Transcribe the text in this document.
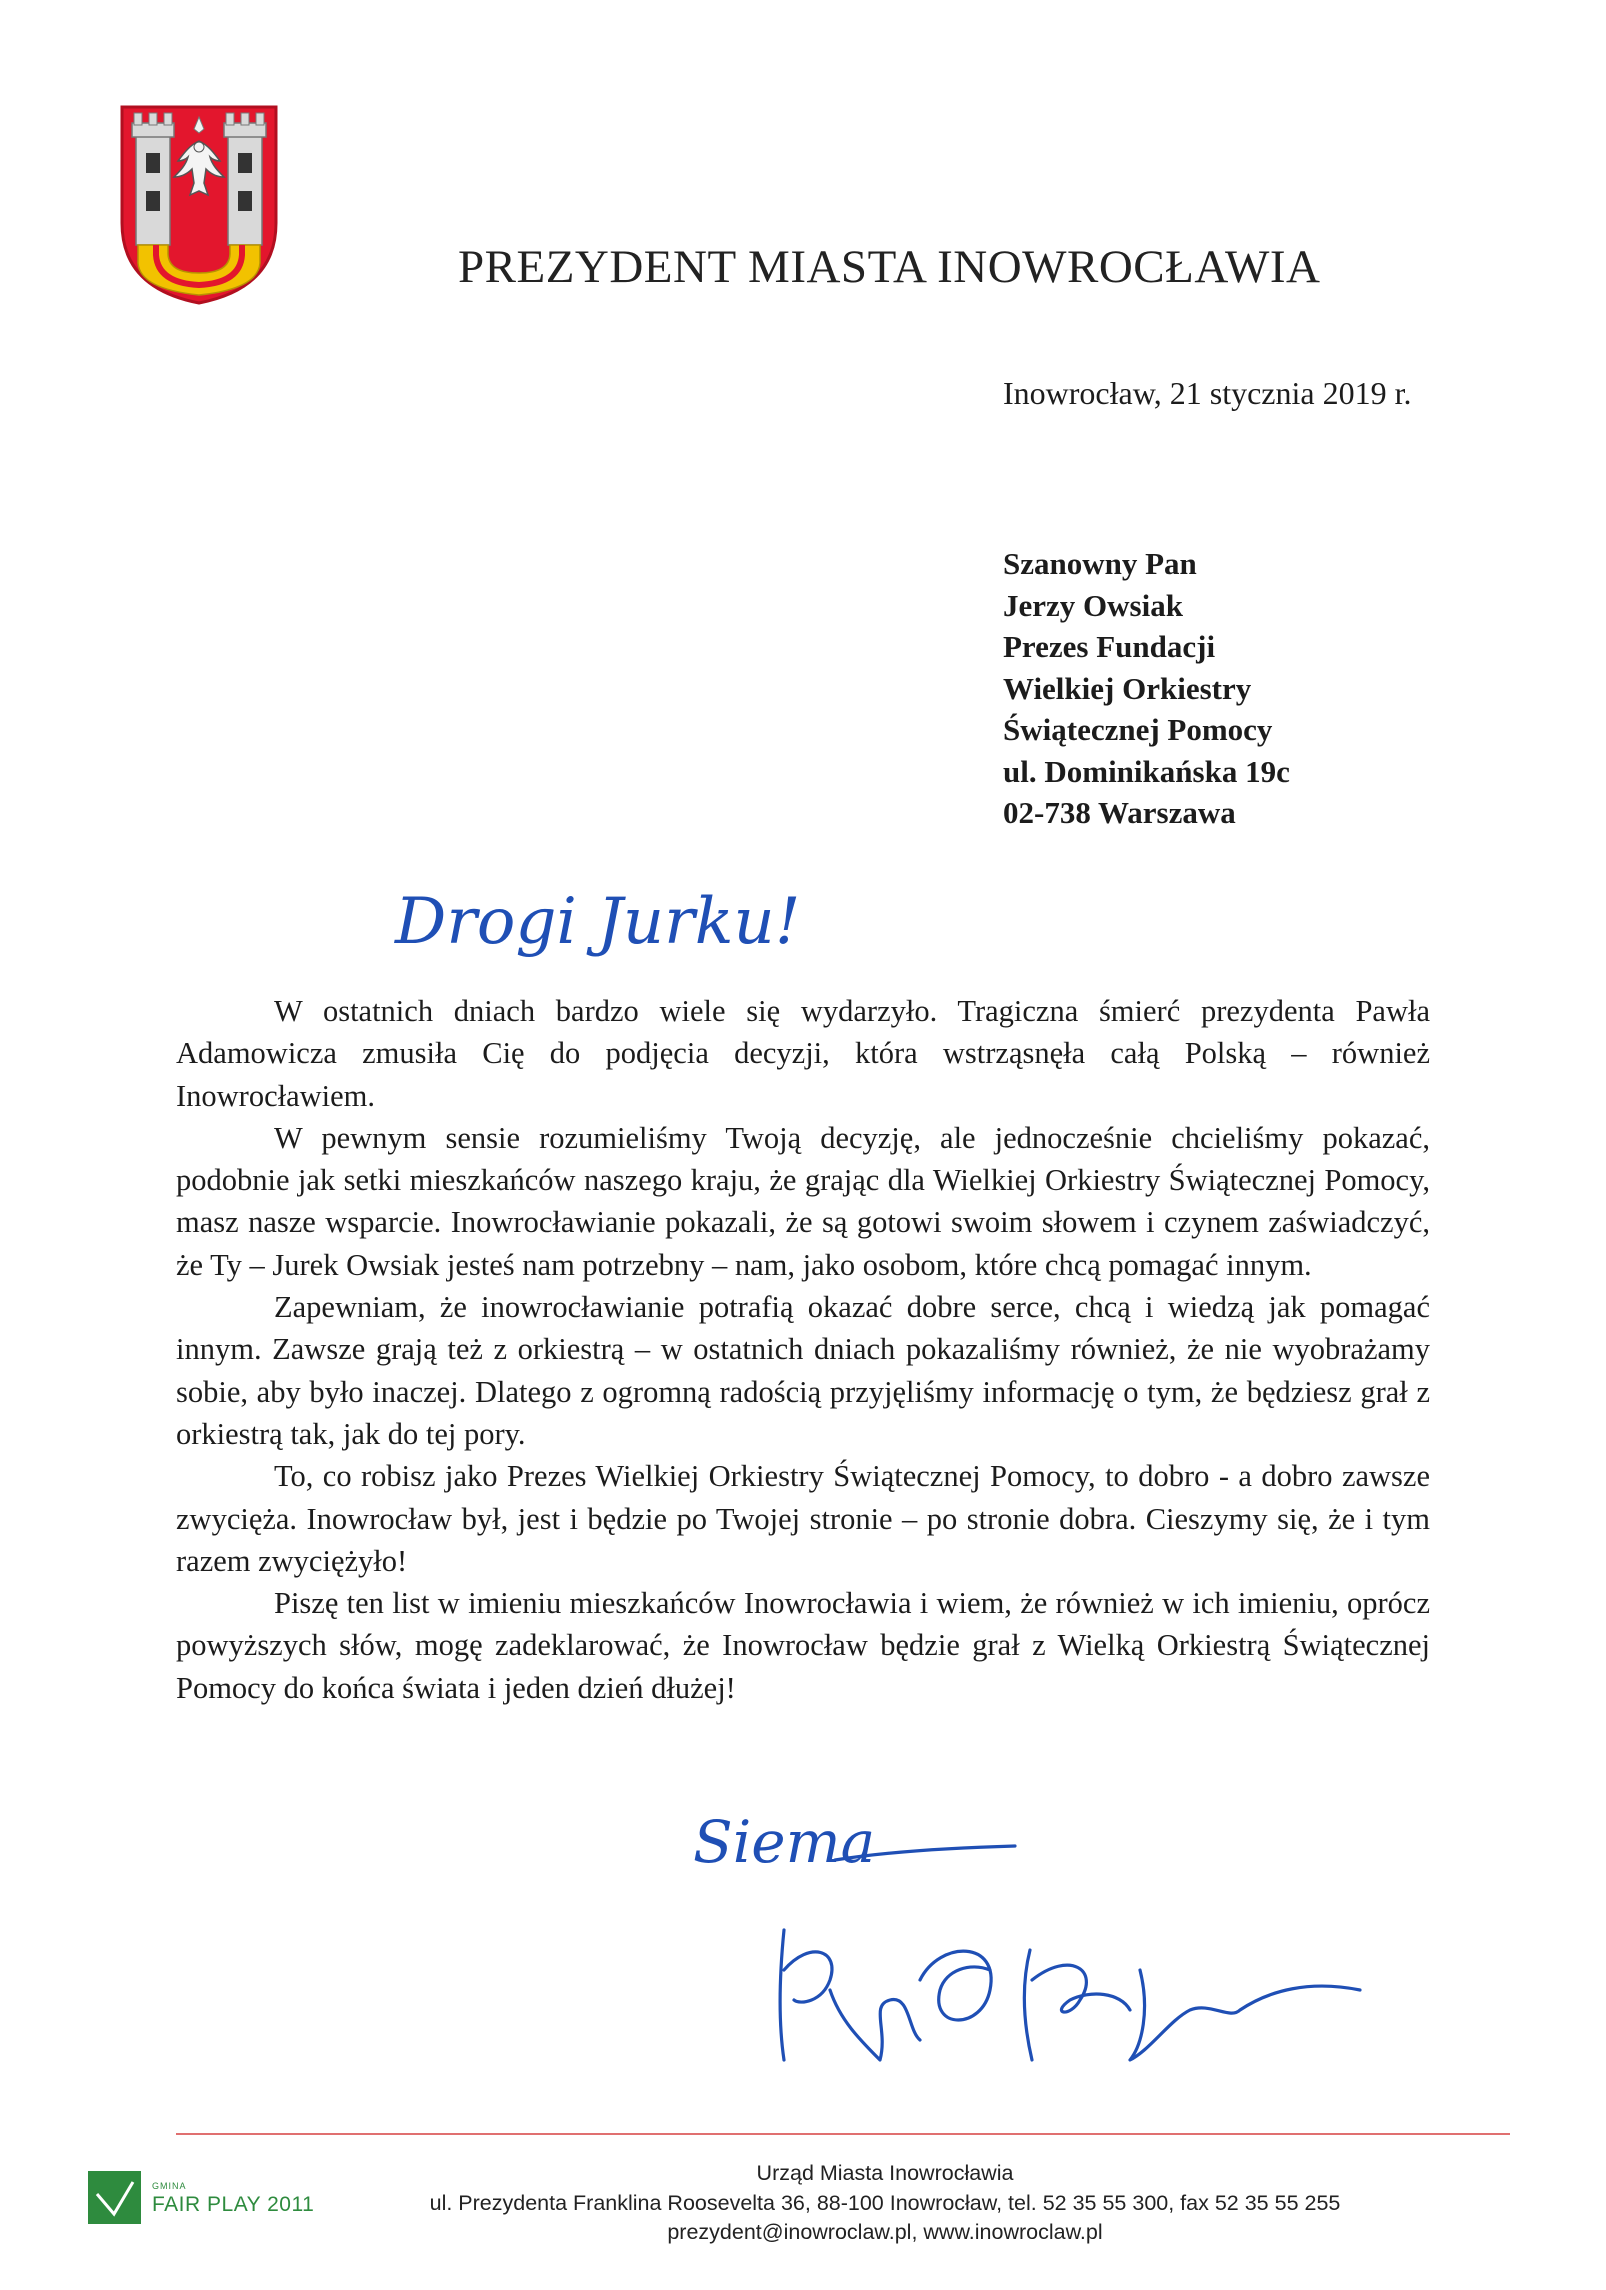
PREZYDENT MIASTA INOWROCŁAWIA
Inowrocław, 21 stycznia 2019 r.
Szanowny Pan
Jerzy Owsiak
Prezes Fundacji
Wielkiej Orkiestry
Świątecznej Pomocy
ul. Dominikańska 19c
02-738 Warszawa
Drogi Jurku!

W ostatnich dniach bardzo wiele się wydarzyło. Tragiczna śmierć prezydenta Pawła Adamowicza zmusiła Cię do podjęcia decyzji, która wstrząsnęła całą Polską – również Inowrocławiem.

W pewnym sensie rozumieliśmy Twoją decyzję, ale jednocześnie chcieliśmy pokazać, podobnie jak setki mieszkańców naszego kraju, że grając dla Wielkiej Orkiestry Świątecznej Pomocy, masz nasze wsparcie. Inowrocławianie pokazali, że są gotowi swoim słowem i czynem zaświadczyć, że Ty – Jurek Owsiak jesteś nam potrzebny – nam, jako osobom, które chcą pomagać innym.

Zapewniam, że inowrocławianie potrafią okazać dobre serce, chcą i wiedzą jak pomagać innym. Zawsze grają też z orkiestrą – w ostatnich dniach pokazaliśmy również, że nie wyobrażamy sobie, aby było inaczej. Dlatego z ogromną radością przyjęliśmy informację o tym, że będziesz grał z orkiestrą tak, jak do tej pory.

To, co robisz jako Prezes Wielkiej Orkiestry Świątecznej Pomocy, to dobro - a dobro zawsze zwycięża. Inowrocław był, jest i będzie po Twojej stronie – po stronie dobra. Cieszymy się, że i tym razem zwyciężyło!

Piszę ten list w imieniu mieszkańców Inowrocławia i wiem, że również w ich imieniu, oprócz powyższych słów, mogę zadeklarować, że Inowrocław będzie grał z Wielką Orkiestrą Świątecznej Pomocy do końca świata i jeden dzień dłużej!

Siema
GMINA
FAIR PLAY 2011
Urząd Miasta Inowrocławia
ul. Prezydenta Franklina Roosevelta 36, 88-100 Inowrocław, tel. 52 35 55 300, fax 52 35 55 255
prezydent@inowroclaw.pl, www.inowroclaw.pl
